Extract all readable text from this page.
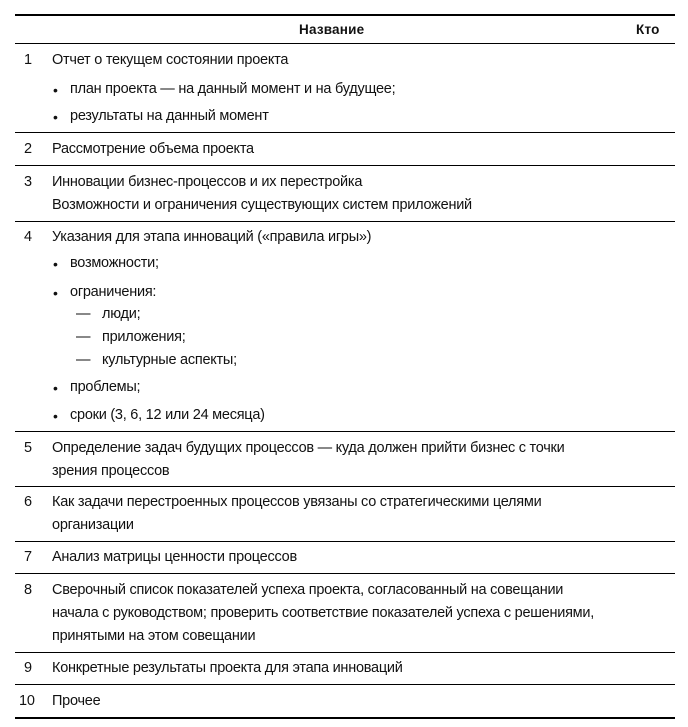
Название	Кто
1 Отчет о текущем состоянии проекта
• план проекта — на данный момент и на будущее;
• результаты на данный момент
2 Рассмотрение объема проекта
3 Инновации бизнес-процессов и их перестройка
Возможности и ограничения существующих систем приложений
4 Указания для этапа инноваций («правила игры»)
• возможности;
• ограничения:
— люди;
— приложения;
— культурные аспекты;
• проблемы;
• сроки (3, 6, 12 или 24 месяца)
5 Определение задач будущих процессов — куда должен прийти бизнес с точки
зрения процессов
6 Как задачи перестроенных процессов увязаны со стратегическими целями
организации
7 Анализ матрицы ценности процессов
8 Сверочный список показателей успеха проекта, согласованный на совещании
начала с руководством; проверить соответствие показателей успеха с решениями,
принятыми на этом совещании
9 Конкретные результаты проекта для этапа инноваций
10 Прочее
